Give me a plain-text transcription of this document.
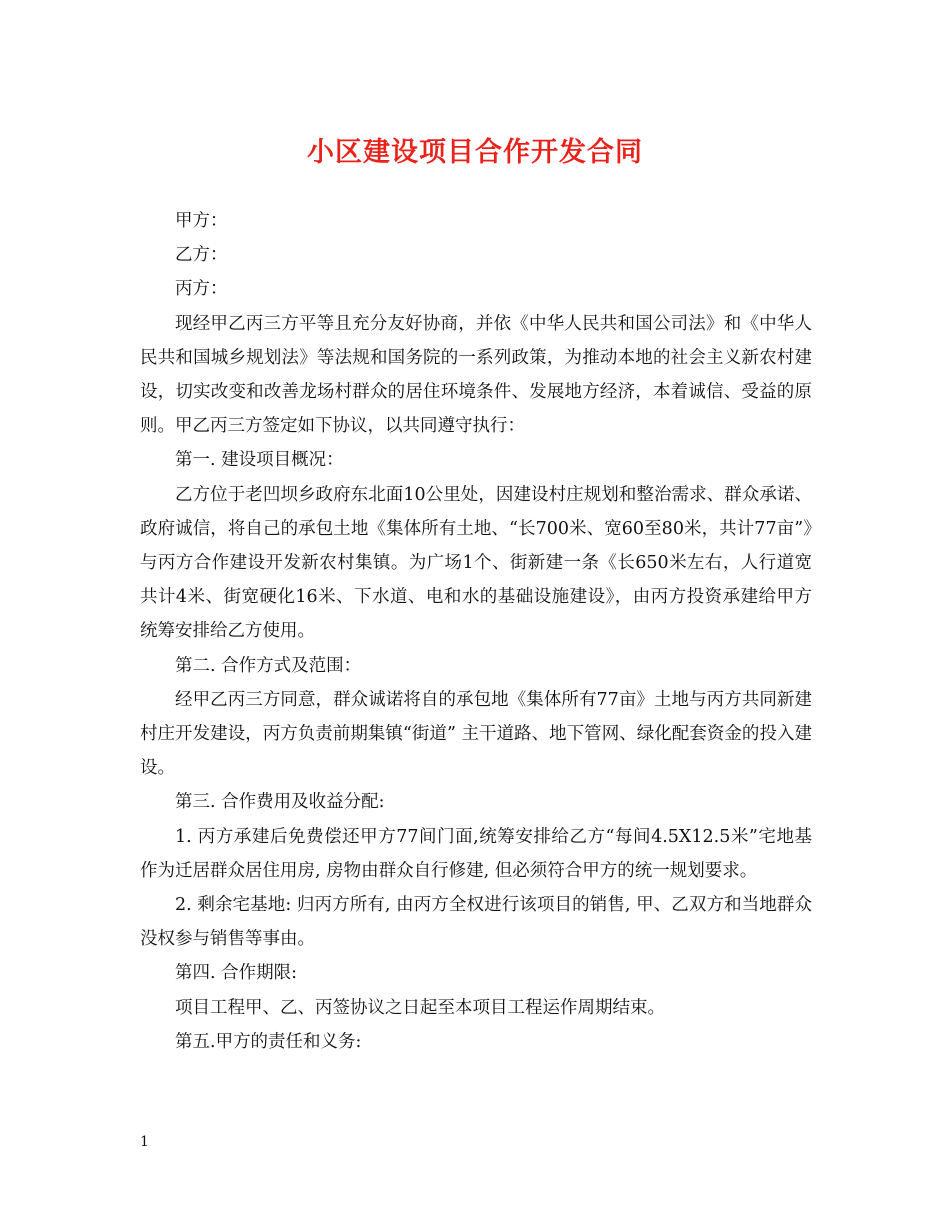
小区建设项目合作开发合同

甲方：

乙方：

丙方：

现经甲乙丙三方平等且充分友好协商，并依《中华人民共和国公司法》和《中华人民共和国城乡规划法》等法规和国务院的一系列政策，为推动本地的社会主义新农村建设，切实改变和改善龙场村群众的居住环境条件、发展地方经济，本着诚信、受益的原则。甲乙丙三方签定如下协议，以共同遵守执行：

第一. 建设项目概况：

乙方位于老凹坝乡政府东北面10公里处，因建设村庄规划和整治需求、群众承诺、政府诚信，将自己的承包土地《集体所有土地、“长700米、宽60至80米，共计77亩”》与丙方合作建设开发新农村集镇。为广场1个、街新建一条《长650米左右，人行道宽共计4米、街宽硬化16米、下水道、电和水的基础设施建设》，由丙方投资承建给甲方统筹安排给乙方使用。

第二. 合作方式及范围：

经甲乙丙三方同意，群众诚诺将自的承包地《集体所有77亩》土地与丙方共同新建村庄开发建设，丙方负责前期集镇“街道” 主干道路、地下管网、绿化配套资金的投入建设。

第三. 合作费用及收益分配:

1. 丙方承建后免费偿还甲方77间门面,统筹安排给乙方“每间4.5X12.5米”宅地基作为迁居群众居住用房, 房物由群众自行修建, 但必须符合甲方的统一规划要求。

2. 剩余宅基地: 归丙方所有, 由丙方全权进行该项目的销售, 甲、乙双方和当地群众没权参与销售等事由。

第四. 合作期限:

项目工程甲、乙、丙签协议之日起至本项目工程运作周期结束。

第五.甲方的责任和义务:

1
